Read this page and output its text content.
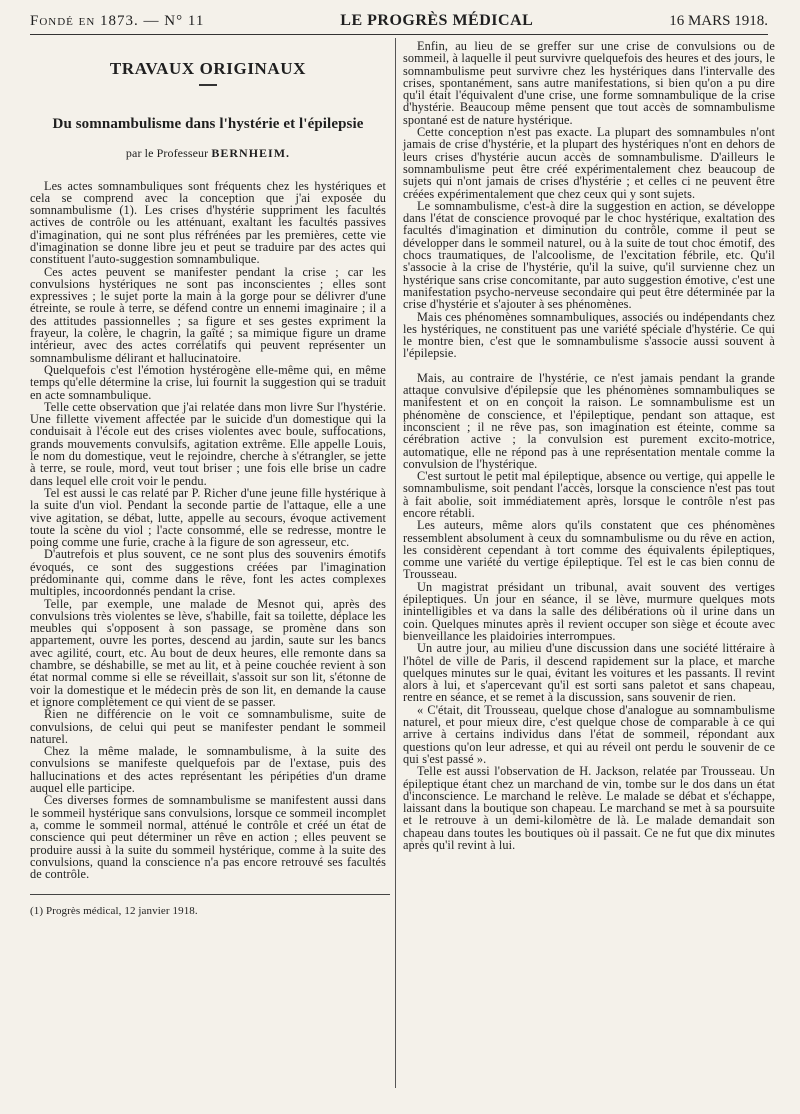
Fondé en 1873. — N° 11	LE PROGRÈS MÉDICAL	16 MARS 1918.
TRAVAUX ORIGINAUX
Du somnambulisme dans l'hystérie et l'épilepsie
par le Professeur BERNHEIM.

Les actes somnambuliques sont fréquents chez les hystériques et cela se comprend avec la conception que j'ai exposée du somnambulisme (1). Les crises d'hystérie suppriment les facultés actives de contrôle ou les atténuant, exaltant les facultés passives d'imagination, qui ne sont plus réfrénées par les premières, cette vie d'imagination se donne libre jeu et peut se traduire par des actes qui constituent l'auto-suggestion somnambulique.

Ces actes peuvent se manifester pendant la crise ; car les convulsions hystériques ne sont pas inconscientes ; elles sont expressives ; le sujet porte la main à la gorge pour se délivrer d'une étreinte, se roule à terre, se défend contre un ennemi imaginaire ; il a des attitudes passionnelles ; sa figure et ses gestes expriment la frayeur, la colère, le chagrin, la gaîté ; sa mimique figure un drame intérieur, avec des actes corrélatifs qui peuvent représenter un somnambulisme délirant et hallucinatoire.

Quelquefois c'est l'émotion hystérogène elle-même qui, en même temps qu'elle détermine la crise, lui fournit la suggestion qui se traduit en acte somnambulique.

Telle cette observation que j'ai relatée dans mon livre Sur l'hystérie. Une fillette vivement affectée par le suicide d'un domestique qui la conduisait à l'école eut des crises violentes avec boule, suffocations, grands mouvements convulsifs, agitation extrême. Elle appelle Louis, le nom du domestique, veut le rejoindre, cherche à s'étrangler, se jette à terre, se roule, mord, veut tout briser ; une fois elle brise un cadre dans lequel elle croit voir le pendu.

Tel est aussi le cas relaté par P. Richer d'une jeune fille hystérique à la suite d'un viol. Pendant la seconde partie de l'attaque, elle a une vive agitation, se débat, lutte, appelle au secours, évoque activement toute la scène du viol ; l'acte consommé, elle se redresse, montre le poing comme une furie, crache à la figure de son agresseur, etc.

D'autrefois et plus souvent, ce ne sont plus des souvenirs émotifs évoqués, ce sont des suggestions créées par l'imagination prédominante qui, comme dans le rêve, font les actes complexes multiples, incoordonnés pendant la crise.

Telle, par exemple, une malade de Mesnot qui, après des convulsions très violentes se lève, s'habille, fait sa toilette, déplace les meubles qui s'opposent à son passage, se promène dans son appartement, ouvre les portes, descend au jardin, saute sur les bancs avec agilité, court, etc. Au bout de deux heures, elle remonte dans sa chambre, se déshabille, se met au lit, et à peine couchée revient à son état normal comme si elle se réveillait, s'assoit sur son lit, s'étonne de voir la domestique et le médecin près de son lit, en demande la cause et ignore complètement ce qui vient de se passer.

Rien ne différencie on le voit ce somnambulisme, suite de convulsions, de celui qui peut se manifester pendant le sommeil naturel.

Chez la même malade, le somnambulisme, à la suite des convulsions se manifeste quelquefois par de l'extase, puis des hallucinations et des actes représentant les péripéties d'un drame auquel elle participe.

Ces diverses formes de somnambulisme se manifestent aussi dans le sommeil hystérique sans convulsions, lorsque ce sommeil incomplet a, comme le sommeil normal, atténué le contrôle et créé un état de conscience qui peut déterminer un rêve en action ; elles peuvent se produire aussi à la suite du sommeil hystérique, comme à la suite des convulsions, quand la conscience n'a pas encore retrouvé ses facultés de contrôle.

(1) Progrès médical, 12 janvier 1918.

Enfin, au lieu de se greffer sur une crise de convulsions ou de sommeil, à laquelle il peut survivre quelquefois des heures et des jours, le somnambulisme peut survivre chez les hystériques dans l'intervalle des crises, spontanément, sans autre manifestations, si bien qu'on a pu dire qu'il était l'équivalent d'une crise, une forme somnambulique de la crise d'hystérie. Beaucoup même pensent que tout accès de somnambulisme spontané est de nature hystérique.

Cette conception n'est pas exacte. La plupart des somnambules n'ont jamais de crise d'hystérie, et la plupart des hystériques n'ont en dehors de leurs crises d'hystérie aucun accès de somnambulisme. D'ailleurs le somnambulisme peut être créé expérimentalement chez beaucoup de sujets qui n'ont jamais de crises d'hystérie ; et celles ci ne peuvent être créées expérimentalement que chez ceux qui y sont sujets.

Le somnambulisme, c'est-à dire la suggestion en action, se développe dans l'état de conscience provoqué par le choc hystérique, exaltation des facultés d'imagination et diminution du contrôle, comme il peut se développer dans le sommeil naturel, ou à la suite de tout choc émotif, des chocs traumatiques, de l'alcoolisme, de l'excitation fébrile, etc. Qu'il s'associe à la crise de l'hystérie, qu'il la suive, qu'il survienne chez un hystérique sans crise concomitante, par auto suggestion émotive, c'est une manifestation psycho-nerveuse secondaire qui peut être déterminée par la crise d'hystérie et s'ajouter à ses phénomènes.

Mais ces phénomènes somnambuliques, associés ou indépendants chez les hystériques, ne constituent pas une variété spéciale d'hystérie. Ce qui le montre bien, c'est que le somnambulisme s'associe aussi souvent à l'épilepsie.

Mais, au contraire de l'hystérie, ce n'est jamais pendant la grande attaque convulsive d'épilepsie que les phénomènes somnambuliques se manifestent et on en conçoit la raison. Le somnambulisme est un phénomène de conscience, et l'épileptique, pendant son attaque, est inconscient ; il ne rêve pas, son imagination est éteinte, comme sa cérébration active ; la convulsion est purement excito-motrice, automatique, elle ne répond pas à une représentation mentale comme la convulsion de l'hystérique.

C'est surtout le petit mal épileptique, absence ou vertige, qui appelle le somnambulisme, soit pendant l'accès, lorsque la conscience n'est pas tout à fait abolie, soit immédiatement après, lorsque le contrôle n'est pas encore rétabli.

Les auteurs, même alors qu'ils constatent que ces phénomènes ressemblent absolument à ceux du somnambulisme ou du rêve en action, les considèrent cependant à tort comme des équivalents épileptiques, comme une variété du vertige épileptique. Tel est le cas bien connu de Trousseau.

Un magistrat présidant un tribunal, avait souvent des vertiges épileptiques. Un jour en séance, il se lève, murmure quelques mots inintelligibles et va dans la salle des délibérations où il urine dans un coin. Quelques minutes après il revient occuper son siège et écoute avec bienveillance les plaidoiries interrompues.

Un autre jour, au milieu d'une discussion dans une société littéraire à l'hôtel de ville de Paris, il descend rapidement sur la place, et marche quelques minutes sur le quai, évitant les voitures et les passants. Il revint alors à lui, et s'apercevant qu'il est sorti sans paletot et sans chapeau, rentre en séance, et se remet à la discussion, sans souvenir de rien.

« C'était, dit Trousseau, quelque chose d'analogue au somnambulisme naturel, et pour mieux dire, c'est quelque chose de comparable à ce qui arrive à certains individus dans l'état de sommeil, répondant aux questions qu'on leur adresse, et qui au réveil ont perdu le souvenir de ce qui s'est passé ».

Telle est aussi l'observation de H. Jackson, relatée par Trousseau. Un épileptique étant chez un marchand de vin, tombe sur le dos dans un état d'inconscience. Le marchand le relève. Le malade se débat et s'échappe, laissant dans la boutique son chapeau. Le marchand se met à sa poursuite et le retrouve à un demi-kilomètre de là. Le malade demandait son chapeau dans toutes les boutiques où il passait. Ce ne fut que dix minutes après qu'il revint à lui.
